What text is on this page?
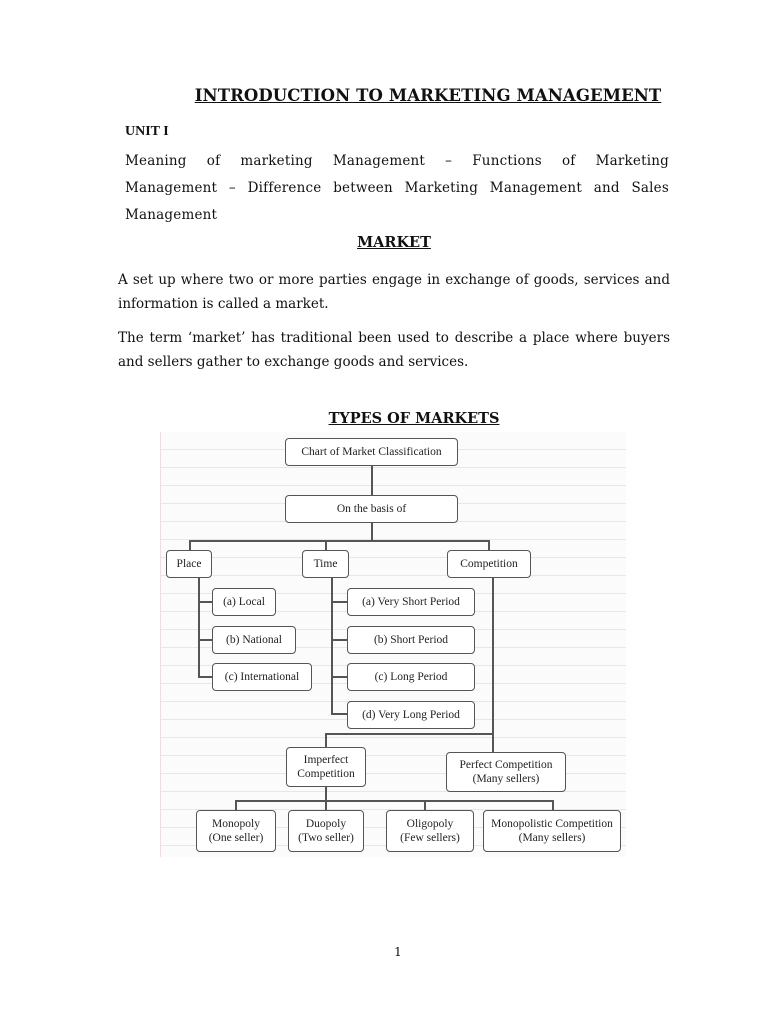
INTRODUCTION TO MARKETING MANAGEMENT

UNIT I

Meaning of marketing Management – Functions of Marketing
Management – Difference between Marketing Management and Sales
Management

MARKET

A set up where two or more parties engage in exchange of goods, services and information is called a market.

The term ‘market’ has traditional been used to describe a place where buyers and sellers gather to exchange goods and services.

TYPES OF MARKETS

Chart of Market Classification
On the basis of
Place	Time	Competition
(a) Local
(b) National
(c) International
(a) Very Short Period
(b) Short Period
(c) Long Period
(d) Very Long Period
Imperfect
Competition
Perfect Competition
(Many sellers)
Monopoly
(One seller)
Duopoly
(Two seller)
Oligopoly
(Few sellers)
Monopolistic Competition
(Many sellers)

1
